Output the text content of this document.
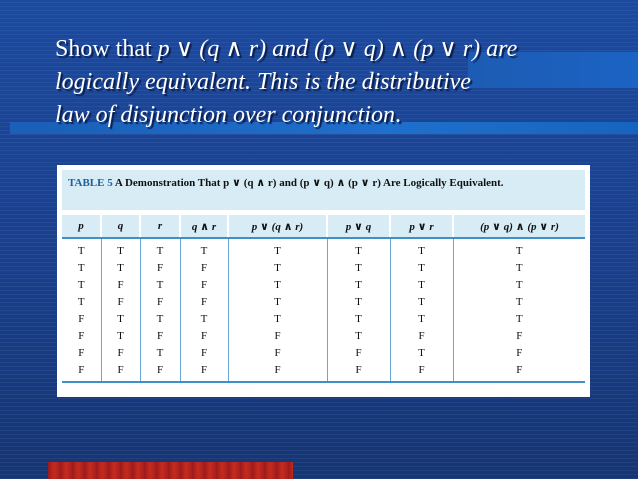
Show that p ∨ (q ∧ r) and (p ∨ q) ∧ (p ∨ r) are
logically equivalent. This is the distributive
law of disjunction over conjunction.
TABLE 5 A Demonstration That p ∨ (q ∧ r) and (p ∨ q) ∧ (p ∨ r) Are Logically Equivalent.
p	q	r	q ∧ r	p ∨ (q ∧ r)	p ∨ q	p ∨ r	(p ∨ q) ∧ (p ∨ r)
T	T	T	T	T	T	T	T
T	T	F	F	T	T	T	T
T	F	T	F	T	T	T	T
T	F	F	F	T	T	T	T
F	T	T	T	T	T	T	T
F	T	F	F	F	T	F	F
F	F	T	F	F	F	T	F
F	F	F	F	F	F	F	F
